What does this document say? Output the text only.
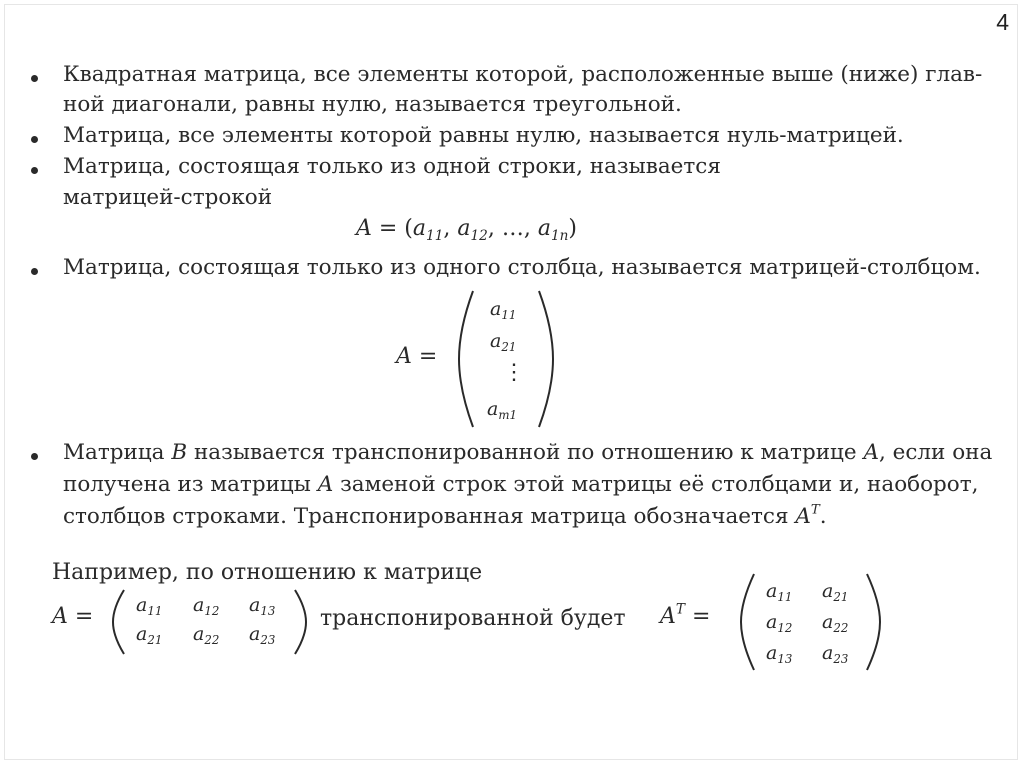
4
Квадратная матрица, все элементы которой, расположенные выше (ниже) глав-
ной диагонали, равны нулю, называется треугольной.
Матрица, все элементы которой равны нулю, называется нуль-матрицей.
Матрица, состоящая только из одной строки, называется
матрицей-строкой
$A = (a_{11}$, $a_{12}$, …, $a_{1n}$)
Матрица, состоящая только из одного столбца, называется матрицей-столбцом.
A =
$a_{11}$
$a_{21}$
⋮
$a_{m1}$
Матрица B называется транспонированной по отношению к матрице A, если она
получена из матрицы A заменой строк этой матрицы её столбцами и, наоборот,
столбцов строками. Транспонированная матрица обозначается $A^T$.
Например, по отношению к матрице
$A = a_{11}$ $a_{12}$ $a_{13}$
$a_{21}$ $a_{22}$ $a_{23}$
транспонированной будет $A^T$ =
$a_{11}$ $a_{21}$
$a_{12}$ $a_{22}$
$a_{13}$ $a_{23}$
